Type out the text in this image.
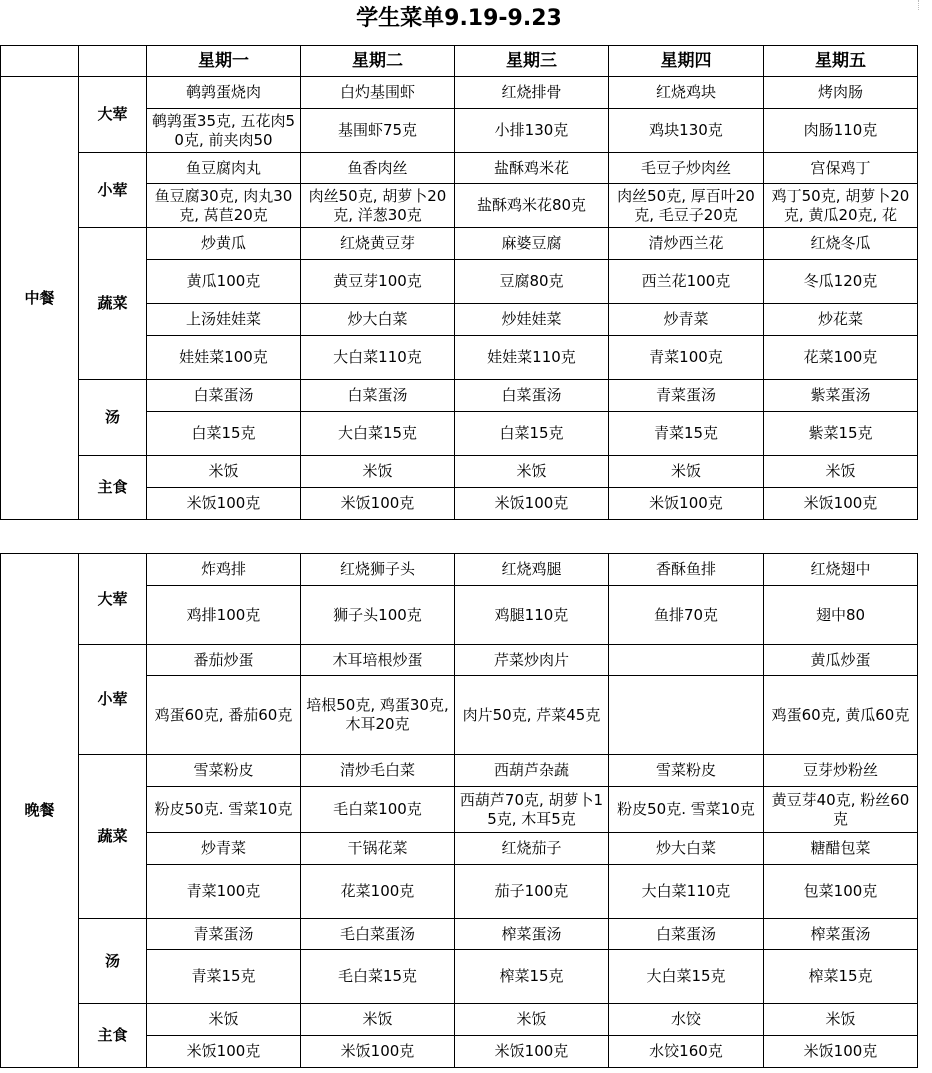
学生菜单9.19-9.23
		星期一	星期二	星期三	星期四	星期五
中餐	大荤	鹌鹑蛋烧肉	白灼基围虾	红烧排骨	红烧鸡块	烤肉肠
		鹌鹑蛋35克, 五花肉50克, 前夹肉50	基围虾75克	小排130克	鸡块130克	肉肠110克
	小荤	鱼豆腐肉丸	鱼香肉丝	盐酥鸡米花	毛豆子炒肉丝	宫保鸡丁
		鱼豆腐30克, 肉丸30克, 莴苣20克	肉丝50克, 胡萝卜20克, 洋葱30克	盐酥鸡米花80克	肉丝50克, 厚百叶20克, 毛豆子20克	鸡丁50克, 胡萝卜20克, 黄瓜20克, 花
	蔬菜	炒黄瓜	红烧黄豆芽	麻婆豆腐	清炒西兰花	红烧冬瓜
		黄瓜100克	黄豆芽100克	豆腐80克	西兰花100克	冬瓜120克
		上汤娃娃菜	炒大白菜	炒娃娃菜	炒青菜	炒花菜
		娃娃菜100克	大白菜110克	娃娃菜110克	青菜100克	花菜100克
	汤	白菜蛋汤	白菜蛋汤	白菜蛋汤	青菜蛋汤	紫菜蛋汤
		白菜15克	大白菜15克	白菜15克	青菜15克	紫菜15克
	主食	米饭	米饭	米饭	米饭	米饭
		米饭100克	米饭100克	米饭100克	米饭100克	米饭100克
晚餐	大荤	炸鸡排	红烧狮子头	红烧鸡腿	香酥鱼排	红烧翅中
		鸡排100克	狮子头100克	鸡腿110克	鱼排70克	翅中80
	小荤	番茄炒蛋	木耳培根炒蛋	芹菜炒肉片		黄瓜炒蛋
		鸡蛋60克, 番茄60克	培根50克, 鸡蛋30克, 木耳20克	肉片50克, 芹菜45克		鸡蛋60克, 黄瓜60克
	蔬菜	雪菜粉皮	清炒毛白菜	西葫芦杂蔬	雪菜粉皮	豆芽炒粉丝
		粉皮50克. 雪菜10克	毛白菜100克	西葫芦70克, 胡萝卜15克, 木耳5克	粉皮50克. 雪菜10克	黄豆芽40克, 粉丝60克
		炒青菜	干锅花菜	红烧茄子	炒大白菜	糖醋包菜
		青菜100克	花菜100克	茄子100克	大白菜110克	包菜100克
	汤	青菜蛋汤	毛白菜蛋汤	榨菜蛋汤	白菜蛋汤	榨菜蛋汤
		青菜15克	毛白菜15克	榨菜15克	大白菜15克	榨菜15克
	主食	米饭	米饭	米饭	水饺	米饭
		米饭100克	米饭100克	米饭100克	水饺160克	米饭100克
